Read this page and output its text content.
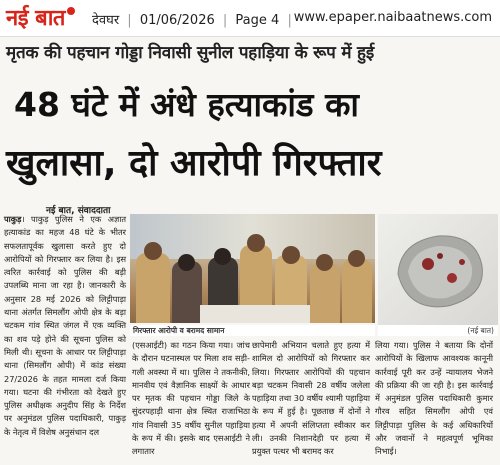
नई बात देवघर | 01/06/2026 | Page 4 | www.epaper.naibaatnews.com
मृतक की पहचान गोड्डा निवासी सुनील पहाड़िया के रूप में हुई
48 घंटे में अंधे हत्याकांड का
खुलासा, दो आरोपी गिरफ्तार
नई बात, संवाददाता
पाकुड़। पाकुड़ पुलिस ने एक अज्ञात हत्याकांड का महज 48 घंटे के भीतर सफलतापूर्वक खुलासा करते हुए दो आरोपियों को गिरफ्तार कर लिया है। इस त्वरित कार्रवाई को पुलिस की बड़ी उपलब्धि माना जा रहा है। जानकारी के अनुसार 28 मई 2026 को लिट्टीपाड़ा थाना अंतर्गत सिमलौंग ओपी क्षेत्र के बड़ा चटकम गांव स्थित जंगल में एक व्यक्ति का शव पड़े होने की सूचना पुलिस को मिली थी। सूचना के आधार पर लिट्टीपाड़ा थाना (सिमलौंग ओपी) में कांड संख्या 27/2026 के तहत मामला दर्ज किया गया। घटना की गंभीरता को देखते हुए पुलिस अधीक्षक अनुदीप सिंह के निर्देश पर अनुमंडल पुलिस पदाधिकारी, पाकुड़ के नेतृत्व में विशेष अनुसंधान दल
गिरफ्तार आरोपी व बरामद सामान	(नई बात)
(एसआईटी) का गठन किया गया। जांच के दौरान घटनास्थल पर मिला शव सड़ी-गली अवस्था में था। पुलिस ने तकनीकी, मानवीय एवं वैज्ञानिक साक्ष्यों के आधार पर मृतक की पहचान गोड्डा जिले के सुंदरपहाड़ी थाना क्षेत्र स्थित राजाभिठा गांव निवासी 35 वर्षीय सुनील पहाड़िया के रूप में की। इसके बाद एसआईटी ने लगातार
छापेमारी अभियान चलाते हुए हत्या में शामिल दो आरोपियों को गिरफ्तार कर लिया। गिरफ्तार आरोपियों की पहचान बड़ा चटकम निवासी 28 वर्षीय जलेला पहाड़िया तथा 30 वर्षीय श्यामी पहाड़िया के रूप में हुई है। पूछताछ में दोनों ने हत्या में अपनी संलिप्तता स्वीकार कर ली। उनकी निशानदेही पर हत्या में प्रयुक्त पत्थर भी बरामद कर
लिया गया। पुलिस ने बताया कि दोनों आरोपियों के खिलाफ आवश्यक कानूनी कार्रवाई पूरी कर उन्हें न्यायालय भेजने की प्रक्रिया की जा रही है। इस कार्रवाई में अनुमंडल पुलिस पदाधिकारी कुमार गौरव सहित सिमलौंग ओपी एवं लिट्टीपाड़ा पुलिस के कई अधिकारियों और जवानों ने महत्वपूर्ण भूमिका निभाई।
